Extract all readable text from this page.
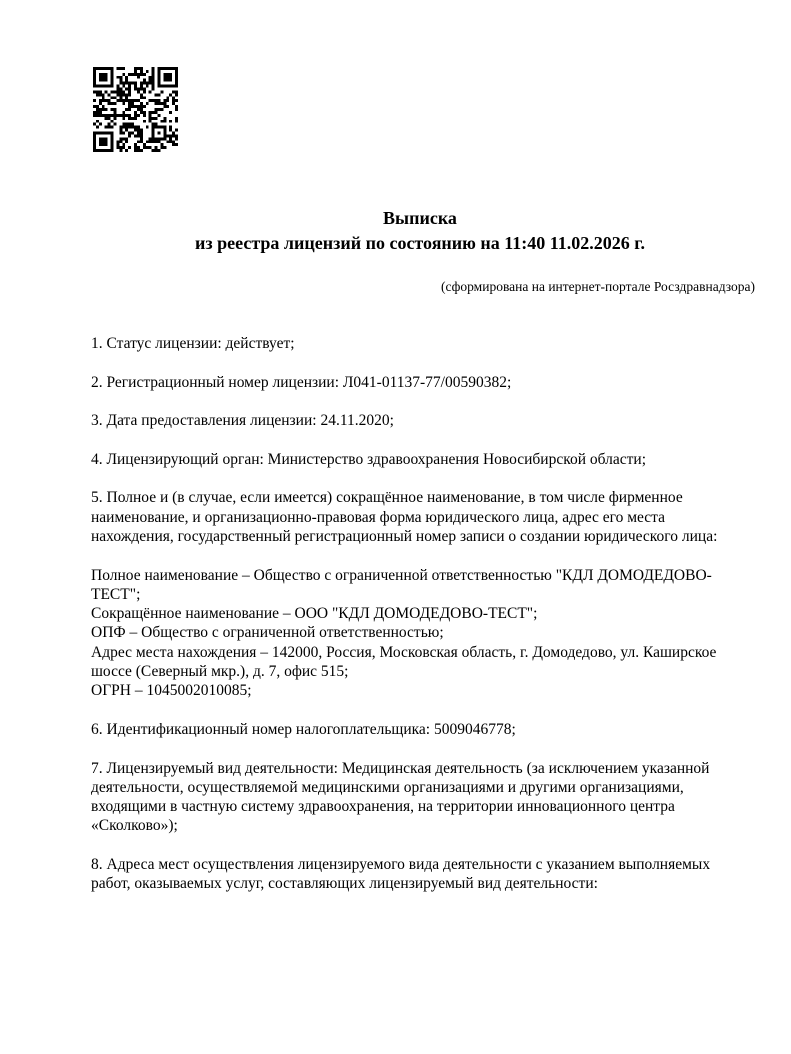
Выписка
из реестра лицензий по состоянию на 11:40 11.02.2026 г.
(сформирована на интернет-портале Росздравнадзора)
1. Статус лицензии: действует;
2. Регистрационный номер лицензии: Л041-01137-77/00590382;
3. Дата предоставления лицензии: 24.11.2020;
4. Лицензирующий орган: Министерство здравоохранения Новосибирской области;
5. Полное и (в случае, если имеется) сокращённое наименование, в том числе фирменное наименование, и организационно-правовая форма юридического лица, адрес его места нахождения, государственный регистрационный номер записи о создании юридического лица:
Полное наименование – Общество с ограниченной ответственностью "КДЛ ДОМОДЕДОВО-ТЕСТ";
Сокращённое наименование – ООО "КДЛ ДОМОДЕДОВО-ТЕСТ";
ОПФ – Общество с ограниченной ответственностью;
Адрес места нахождения – 142000, Россия, Московская область, г. Домодедово, ул. Каширское шоссе (Северный мкр.), д. 7, офис 515;
ОГРН – 1045002010085;
6. Идентификационный номер налогоплательщика: 5009046778;
7. Лицензируемый вид деятельности: Медицинская деятельность (за исключением указанной деятельности, осуществляемой медицинскими организациями и другими организациями, входящими в частную систему здравоохранения, на территории инновационного центра «Сколково»);
8. Адреса мест осуществления лицензируемого вида деятельности с указанием выполняемых работ, оказываемых услуг, составляющих лицензируемый вид деятельности:
